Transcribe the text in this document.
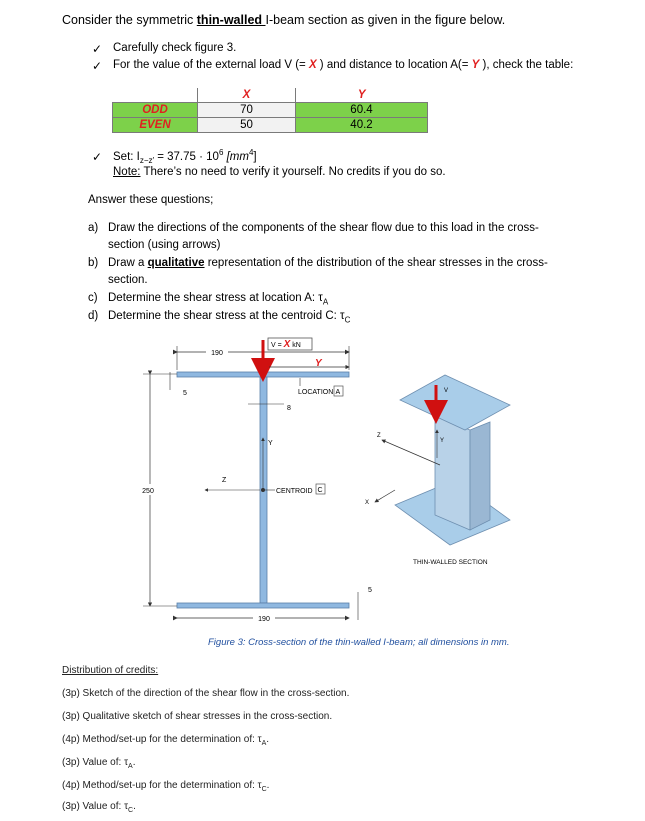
Consider the symmetric thin-walled I-beam section as given in the figure below.
✓ Carefully check figure 3.
✓ For the value of the external load V (= X ) and distance to location A(= Y ), check the table:
	X	Y
ODD	70	60.4
EVEN	50	40.2
✓ Set: $I_{z-z'} = 37.75 \cdot 10^6$ $[mm^4]$
Note: There’s no need to verify it yourself. No credits if you do so.
Answer these questions;
a) Draw the directions of the components of the shear flow due to this load in the cross-
section (using arrows)
b) Draw a qualitative representation of the distribution of the shear stresses in the cross-
section.
c) Determine the shear stress at location A: $\tau_A$
d) Determine the shear stress at the centroid C: $\tau_C$
190
V = X kN
Y
LOCATION A
5
8
Y
Z
CENTROID C
250
5
190
V
Y
Z
X
THIN-WALLED SECTION
Figure 3: Cross-section of the thin-walled I-beam; all dimensions in mm.
Distribution of credits:
(3p) Sketch of the direction of the shear flow in the cross-section.
(3p) Qualitative sketch of shear stresses in the cross-section.
(4p) Method/set-up for the determination of: $\tau_A$.
(3p) Value of: $\tau_A$.
(4p) Method/set-up for the determination of: $\tau_C$.
(3p) Value of: $\tau_C$.
